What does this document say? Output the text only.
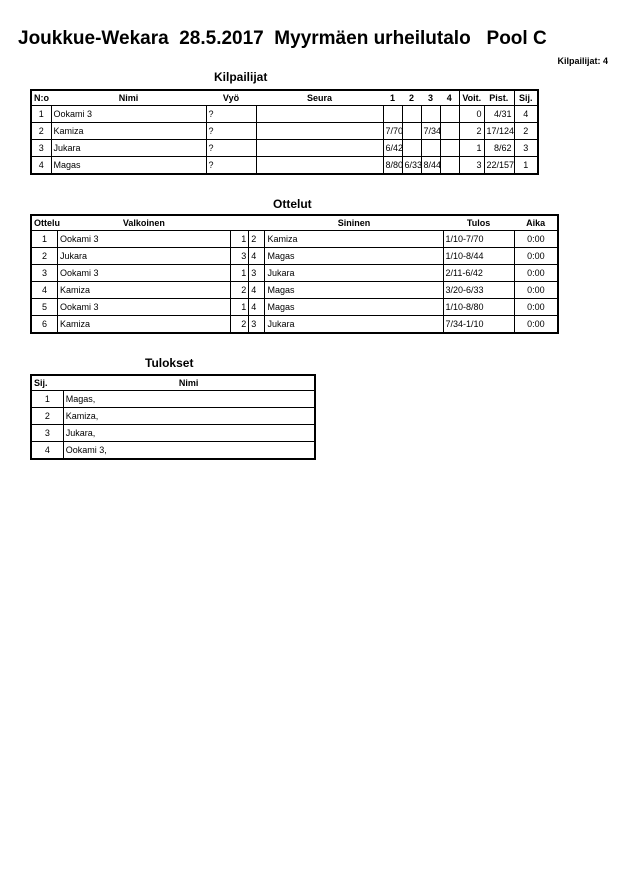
Joukkue-Wekara  28.5.2017  Myyrmäen urheilutalo   Pool C
Kilpailijat: 4
Kilpailijat
N:o	Nimi	Vyö	Seura	1	2	3	4	Voit.	Pist.	Sij.
1	Ookami 3	?						0	4/31	4
2	Kamiza	?		7/70		7/34		2	17/124	2
3	Jukara	?		6/42				1	8/62	3
4	Magas	?		8/80	6/33	8/44		3	22/157	1
Ottelut
Ottelu	Valkoinen			Sininen	Tulos	Aika
1	Ookami 3	1	2	Kamiza	1/10-7/70	0:00
2	Jukara	3	4	Magas	1/10-8/44	0:00
3	Ookami 3	1	3	Jukara	2/11-6/42	0:00
4	Kamiza	2	4	Magas	3/20-6/33	0:00
5	Ookami 3	1	4	Magas	1/10-8/80	0:00
6	Kamiza	2	3	Jukara	7/34-1/10	0:00
Tulokset
Sij.	Nimi
1	Magas,
2	Kamiza,
3	Jukara,
4	Ookami 3,
